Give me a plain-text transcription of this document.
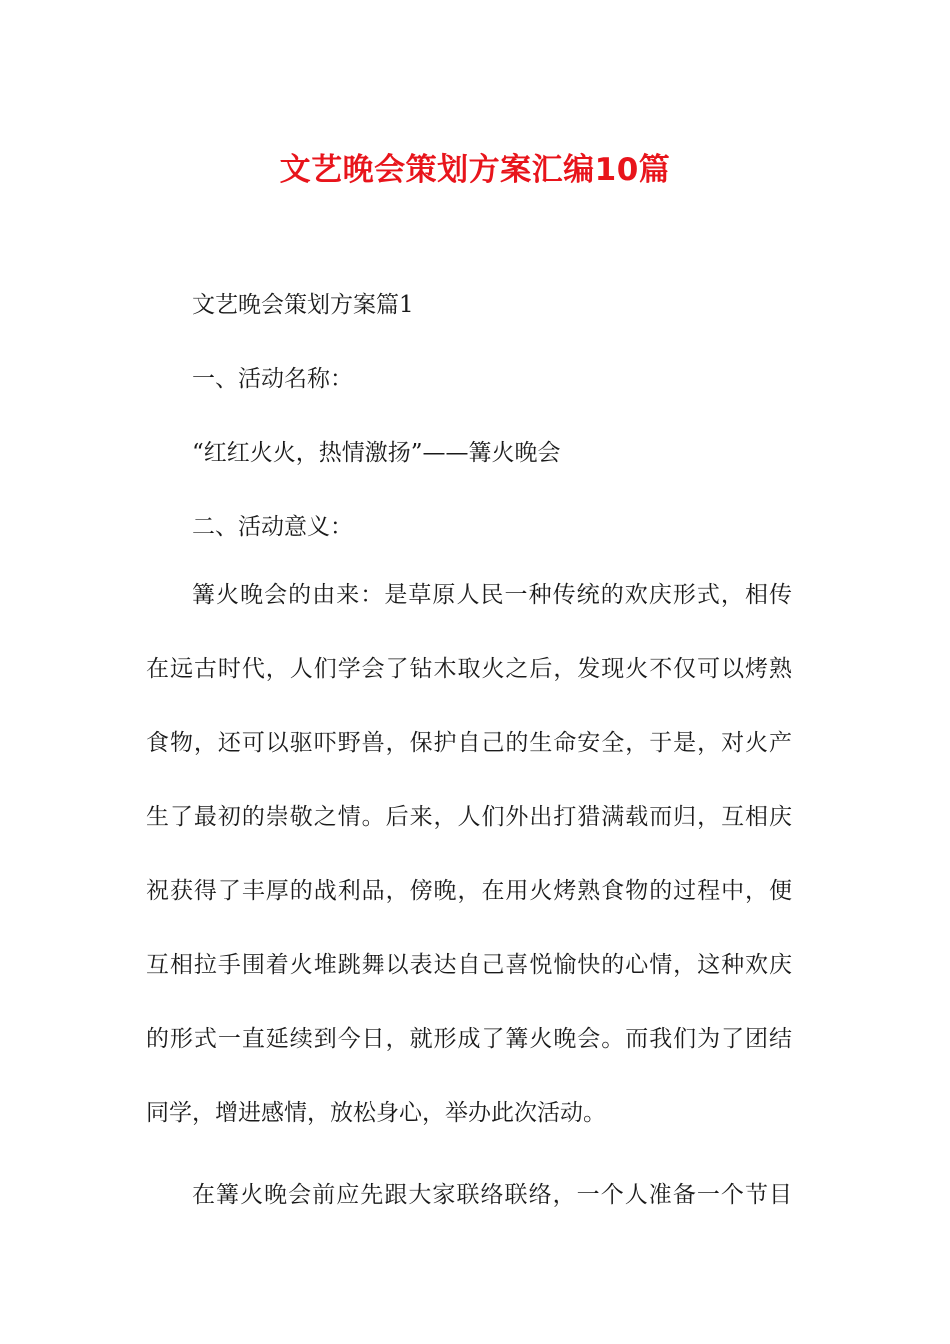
文艺晚会策划方案汇编10篇

文艺晚会策划方案篇1

一、活动名称：

“红红火火，热情激扬”——篝火晚会

二、活动意义：

篝火晚会的由来：是草原人民一种传统的欢庆形式，相传
在远古时代，人们学会了钻木取火之后，发现火不仅可以烤熟
食物，还可以驱吓野兽，保护自己的生命安全，于是，对火产
生了最初的崇敬之情。后来，人们外出打猎满载而归，互相庆
祝获得了丰厚的战利品，傍晚，在用火烤熟食物的过程中，便
互相拉手围着火堆跳舞以表达自己喜悦愉快的心情，这种欢庆
的形式一直延续到今日，就形成了篝火晚会。而我们为了团结
同学，增进感情，放松身心，举办此次活动。

在篝火晚会前应先跟大家联络联络，一个人准备一个节目
